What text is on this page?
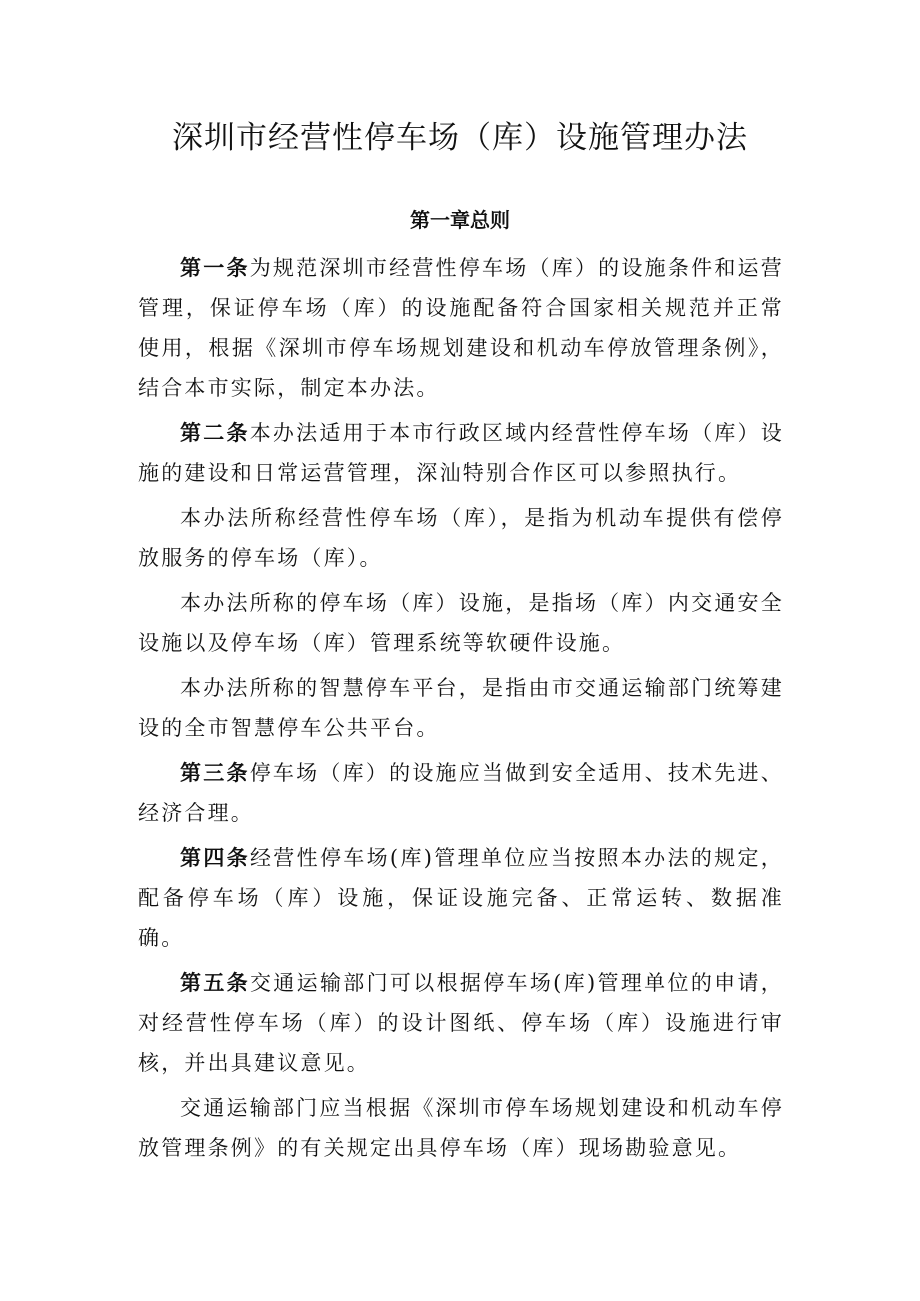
深圳市经营性停车场（库）设施管理办法
第一章总则

第一条为规范深圳市经营性停车场（库）的设施条件和运营管理，保证停车场（库）的设施配备符合国家相关规范并正常使用，根据《深圳市停车场规划建设和机动车停放管理条例》，结合本市实际，制定本办法。

第二条本办法适用于本市行政区域内经营性停车场（库）设施的建设和日常运营管理，深汕特别合作区可以参照执行。

本办法所称经营性停车场（库），是指为机动车提供有偿停放服务的停车场（库）。

本办法所称的停车场（库）设施，是指场（库）内交通安全设施以及停车场（库）管理系统等软硬件设施。

本办法所称的智慧停车平台，是指由市交通运输部门统筹建设的全市智慧停车公共平台。

第三条停车场（库）的设施应当做到安全适用、技术先进、经济合理。

第四条经营性停车场(库)管理单位应当按照本办法的规定，配备停车场（库）设施，保证设施完备、正常运转、数据准确。

第五条交通运输部门可以根据停车场(库)管理单位的申请，对经营性停车场（库）的设计图纸、停车场（库）设施进行审核，并出具建议意见。

交通运输部门应当根据《深圳市停车场规划建设和机动车停放管理条例》的有关规定出具停车场（库）现场勘验意见。
